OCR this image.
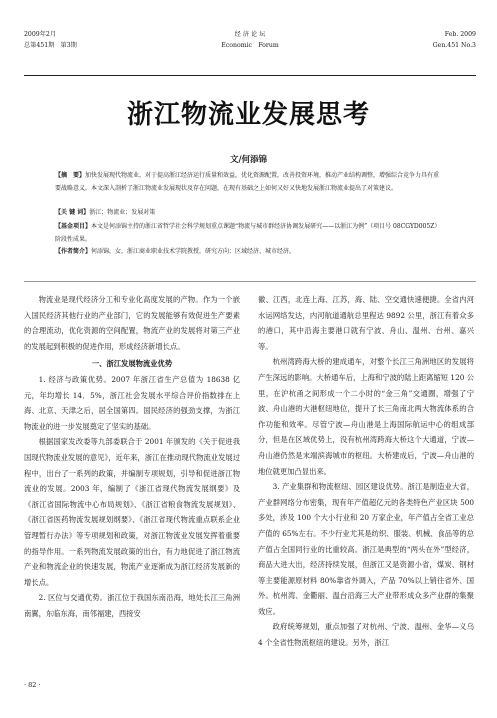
2009年2月	经 济 论 坛	Feb. 2009
总第451期　第3期	Economic　Forum	Gen.451 No.3
浙江物流业发展思考
文/何添锦
【摘　要】加快发展现代物流业，对于提高浙江经济运行质量和效益，优化资源配置，改善投资环境，推动产业结构调整，增强综合竞争力具有重要战略意义。本文深入剖析了浙江物流业发展现状及存在问题，在现有基础之上如何又好又快地发展浙江物流业提出了对策建议。
【关 键 词】浙江；物流业；发展对策
【基金项目】本文是何添锦主持的浙江省哲学社会科学规划重点课题“物流与城市群经济协调发展研究——以浙江为例”（项目号 08CGYD005Z）阶段性成果。
【作者简介】何添锦，女，浙江商业职业技术学院教授，研究方向：区域经济、城市经济。

物流业是现代经济分工和专业化高度发展的产物。作为一个嵌入国民经济其他行业的产业部门，它的发展能够有效促进生产要素的合理流动，优化资源的空间配置，物流产业的发展将对第三产业的发展起到积极的促进作用，形成经济新增长点。

一、浙江发展物流业优势

1. 经济与政策优势。2007 年浙江省生产总值为 18638 亿元，年均增长 14．5%，浙江社会发展水平综合评价指数排在上海、北京、天津之后，居全国第四。国民经济的强劲支撑，为浙江物流业的进一步发展奠定了坚实的基础。

根据国家发改委等九部委联合于 2001 年颁发的《关于促进我国现代物流业发展的意见》，近年来，浙江在推动现代物流业发展过程中，出台了一系列的政策，并编制专项规划，引导和促进浙江物流业的发展。2003 年，编制了《浙江省现代物流发展纲要》及《浙江省国际物流中心布局规划》、《浙江省粮食物流发展规划》、《浙江省医药物流发展规划纲要》、《浙江省现代物流重点联系企业管理暂行办法》等专项规划和政策，对浙江物流业发展发挥着重要的指导作用。一系列物流发展政策的出台，有力地促进了浙江物流产业和物流企业的快速发展，物流产业逐渐成为浙江经济发展新的增长点。

2. 区位与交通优势。浙江位于我国东南沿海，地处长江三角洲南翼，东临东海，南邻福建，西接安

徽、江西，北连上海、江苏，海、陆、空交通快速便捷。全省内河水运网络发达，内河航道通航总里程达 9892 公里，浙江有着众多的港口，其中沿海主要港口就有宁波、舟山、温州、台州、嘉兴等。

杭州湾跨海大桥的建成通车，对整个长江三角洲地区的发展将产生深远的影响。大桥通车后，上海和宁波的陆上距离缩短 120 公里，在沪杭甬之间形成一个二小时的“金三角”交通圈，增强了宁波、舟山港的大港枢纽地位，提升了长三角南北两大物流体系的合作功能和效率。尽管宁波—舟山港是上海国际航运中心的组成部分，但是在区域优势上，没有杭州湾跨海大桥这个大通道，宁波—舟山港仍然是末端滨海城市的枢纽。大桥建成后，宁波—舟山港的地位就更加凸显出来。

3. 产业集群和物流枢纽、园区建设优势。浙江是制造业大省，产业群网络分布密集，现有年产值超亿元的各类特色产业区块 500 多处，涉及 100 个大小行业和 20 万家企业，年产值占全省工业总产值的 65%左右。不少行业尤其是纺织、服装、机械、食品等的总产值占全国同行业的比重较高。浙江是典型的“两头在外”型经济，商品大进大出，经济持续发展，但浙江又是资源小省，煤炭、钢材等主要能源原材料 80%靠省外调入，产品 70%以上销往省外、国外。杭州湾、金衢丽、温台沿海三大产业带形成众多产业群的集聚效应。

政府统筹规划，重点加强了对杭州、宁波、温州、金华—义乌 4 个全省性物流枢纽的建设。另外，浙江

· 82 ·
